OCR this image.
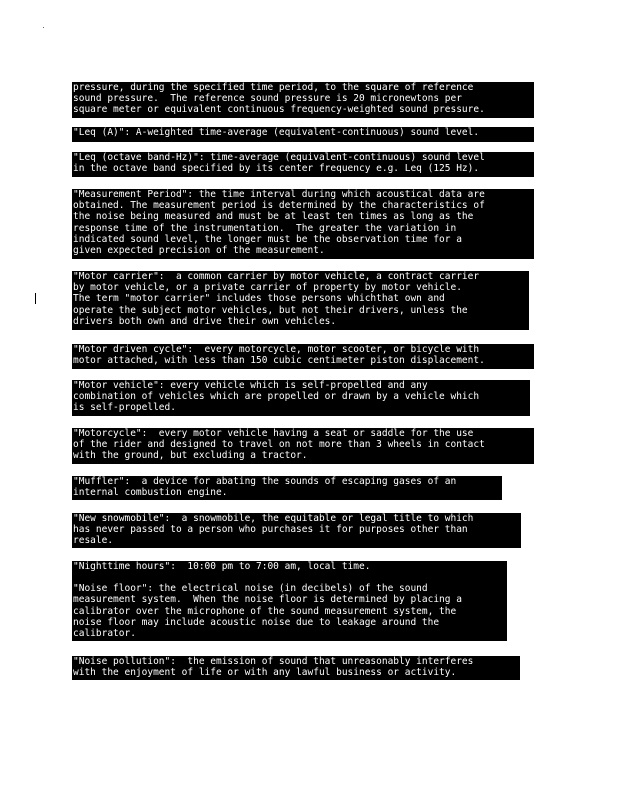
pressure, during the specified time period, to the square of reference
sound pressure.  The reference sound pressure is 20 micronewtons per
square meter or equivalent continuous frequency-weighted sound pressure.
"Leq (A)": A-weighted time-average (equivalent-continuous) sound level.
"Leq (octave band-Hz)": time-average (equivalent-continuous) sound level
in the octave band specified by its center frequency e.g. Leq (125 Hz).
"Measurement Period": the time interval during which acoustical data are
obtained. The measurement period is determined by the characteristics of
the noise being measured and must be at least ten times as long as the
response time of the instrumentation.  The greater the variation in
indicated sound level, the longer must be the observation time for a
given expected precision of the measurement.
"Motor carrier":  a common carrier by motor vehicle, a contract carrier
by motor vehicle, or a private carrier of property by motor vehicle.
The term "motor carrier" includes those persons whichthat own and
operate the subject motor vehicles, but not their drivers, unless the
drivers both own and drive their own vehicles.
"Motor driven cycle":  every motorcycle, motor scooter, or bicycle with
motor attached, with less than 150 cubic centimeter piston displacement.
"Motor vehicle": every vehicle which is self-propelled and any
combination of vehicles which are propelled or drawn by a vehicle which
is self-propelled.
"Motorcycle":  every motor vehicle having a seat or saddle for the use
of the rider and designed to travel on not more than 3 wheels in contact
with the ground, but excluding a tractor.
"Muffler":  a device for abating the sounds of escaping gases of an
internal combustion engine.
"New snowmobile":  a snowmobile, the equitable or legal title to which
has never passed to a person who purchases it for purposes other than
resale.
"Nighttime hours":  10:00 pm to 7:00 am, local time.
"Noise floor": the electrical noise (in decibels) of the sound
measurement system.  When the noise floor is determined by placing a
calibrator over the microphone of the sound measurement system, the
noise floor may include acoustic noise due to leakage around the
calibrator.
"Noise pollution":  the emission of sound that unreasonably interferes
with the enjoyment of life or with any lawful business or activity.
